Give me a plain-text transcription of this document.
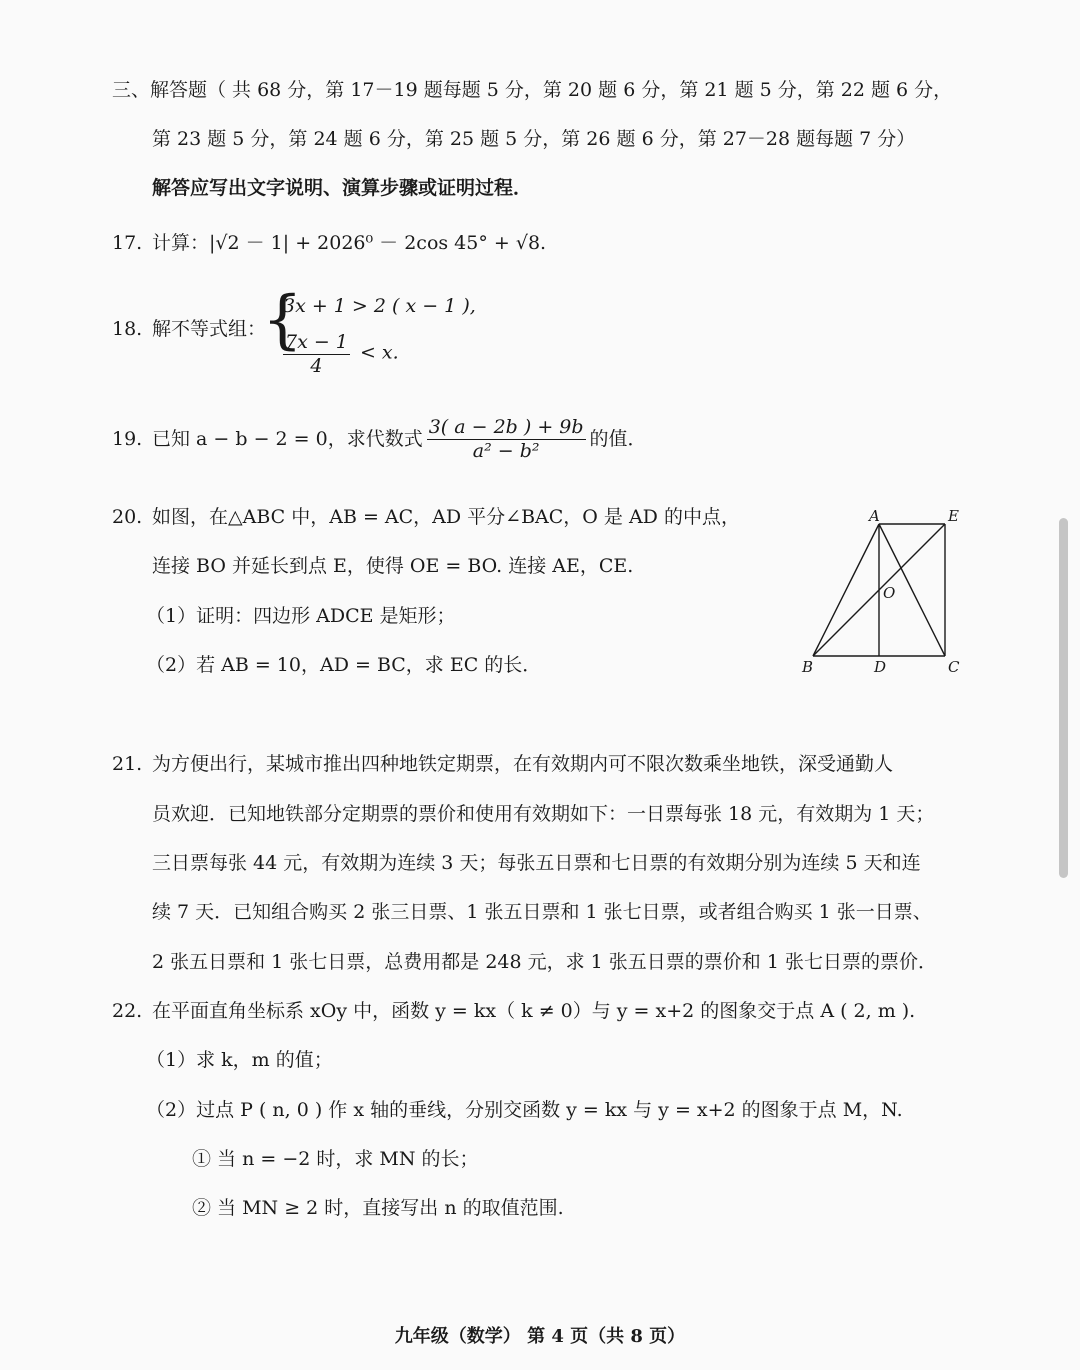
三、解答题（ 共 68 分，第 17－19 题每题 5 分，第 20 题 6 分，第 21 题 5 分，第 22 题 6 分，
第 23 题 5 分，第 24 题 6 分，第 25 题 5 分，第 26 题 6 分，第 27－28 题每题 7 分）
解答应写出文字说明、演算步骤或证明过程．
17. 计算：|√2 － 1| + 2026⁰ － 2cos 45° + √8.
18. 解不等式组：
{
3x + 1 > 2 ( x − 1 ),
$\frac{7x - 1}{4} < x$.
19. 已知 a − b − 2 = 0，求代数式 $\frac{3( a - 2b ) + 9b}{\text{a² − b²}}$ 的值．
20. 如图，在△ABC 中，AB = AC，AD 平分∠BAC，O 是 AD 的中点，
连接 BO 并延长到点 E，使得 OE = BO. 连接 AE，CE.
（1）证明：四边形 ADCE 是矩形；
（2）若 AB = 10，AD = BC，求 EC 的长．
A	E
O
B	D	C
21. 为方便出行，某城市推出四种地铁定期票，在有效期内可不限次数乘坐地铁，深受通勤人
员欢迎．已知地铁部分定期票的票价和使用有效期如下：一日票每张 18 元，有效期为 1 天；
三日票每张 44 元，有效期为连续 3 天；每张五日票和七日票的有效期分别为连续 5 天和连
续 7 天．已知组合购买 2 张三日票、1 张五日票和 1 张七日票，或者组合购买 1 张一日票、
2 张五日票和 1 张七日票，总费用都是 248 元，求 1 张五日票的票价和 1 张七日票的票价．
22. 在平面直角坐标系 xOy 中，函数 y = kx（ k ≠ 0）与 y = x+2 的图象交于点 A ( 2, m ).
（1）求 k，m 的值；
（2）过点 P ( n, 0 ) 作 x 轴的垂线，分别交函数 y = kx 与 y = x+2 的图象于点 M，N.
① 当 n = −2 时，求 MN 的长；
② 当 MN ≥ 2 时，直接写出 n 的取值范围.
九年级（数学） 第 4 页（共 8 页）
